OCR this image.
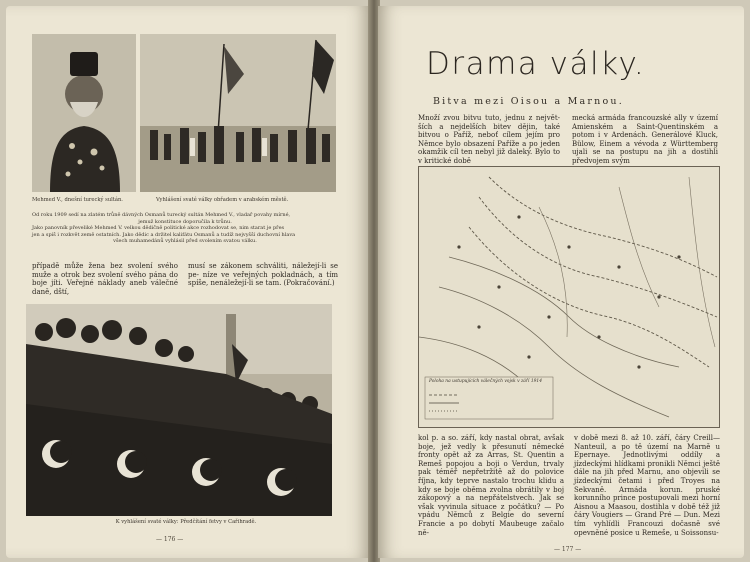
Mehmed V., dnešní turecký sultán.	Vyhlášení svaté války obřadem v arabském městě.
Od roku 1909 sedí na zlatém trůně dávných Osmanů turecký sultán Mehmed V., vladař povahy mírné,
jemuž konstituce doporučila k trůnu.
Jako panovník převeliké Mehmed V. velkou dědičně politické akce rozhodovat se, nim starat je přes
jen a spíš i rozkvět země ostatních. Jako dědic a držitel kalifátu Osmanů a tudíž nejvyšší duchovní hlava
všech muhamedánů vyhlásil před svolením svatou válku.
případě může žena bez svolení svého muže a otrok bez svolení svého pána do boje jíti. Veřejné náklady aneb válečné daně, dští,
musí se zákonem schváliti, náležejí-li se pe- níze ve veřejných pokladnách, a tím spíše, nenáležejí-li se tam. (Pokračování.)
K vyhlášení svaté války: Předčítání fetvy v Cařihradě.
— 176 —
Drama války.
Bitva mezi Oisou a Marnou.
Množí zvou bitvu tuto, jednu z největ- ších a nejdelších bitev dějin, také bitvou o Paříž, neboť cílem jejím pro Němce bylo obsazení Paříže a po jeden okamžik cíl ten nebyl již daleký. Bylo to v kritické době
mecká armáda francouzské ally v území Amienském a Saint-Quentinském a potom i v Ardenách. Generálové Kluck, Bülow, Einem a vévoda z Württemberg ujali se na postupu na jih a dostihli předvojem svým
Poloha na ustupujících válečných vojsk v září 1914
kol p. a so. září, kdy nastal obrat, avšak boje, jež vedly k přesunutí německé fronty opět až za Arras, St. Quentin a Remeš popojou a boji o Verdun, trvaly pak téměř nepřetržitě až do polovice října, kdy teprve nastalo trochu klidu a kdy se boje oběma zvolna obrátily v boj zákopový a na nepřátelstvech. Jak se však vyvinula situace z počátku? — Po vpádu Němců z Belgie do severní Francie a po dobytí Maubeuge začalo ně-
v době mezi 8. až 10. září, čáry Creill— Nanteuil, a po tě území na Marně u Epernaye. Jednotlivými oddíly a jízdeckými hlídkami pronikli Němci ještě dále na jih před Marnu, ano objevili se jízdeckými četami i před Troyes na Sekvaně. Armáda korun. pruské korunního prince postupovali mezi horní Aisnou a Maasou, dostihla v době též již čáry Vougiers — Grand Pré — Dun. Mezi tím vyhlídli Francouzi dočasně své opevněné posice u Remeše, u Soissonsu-
— 177 —
